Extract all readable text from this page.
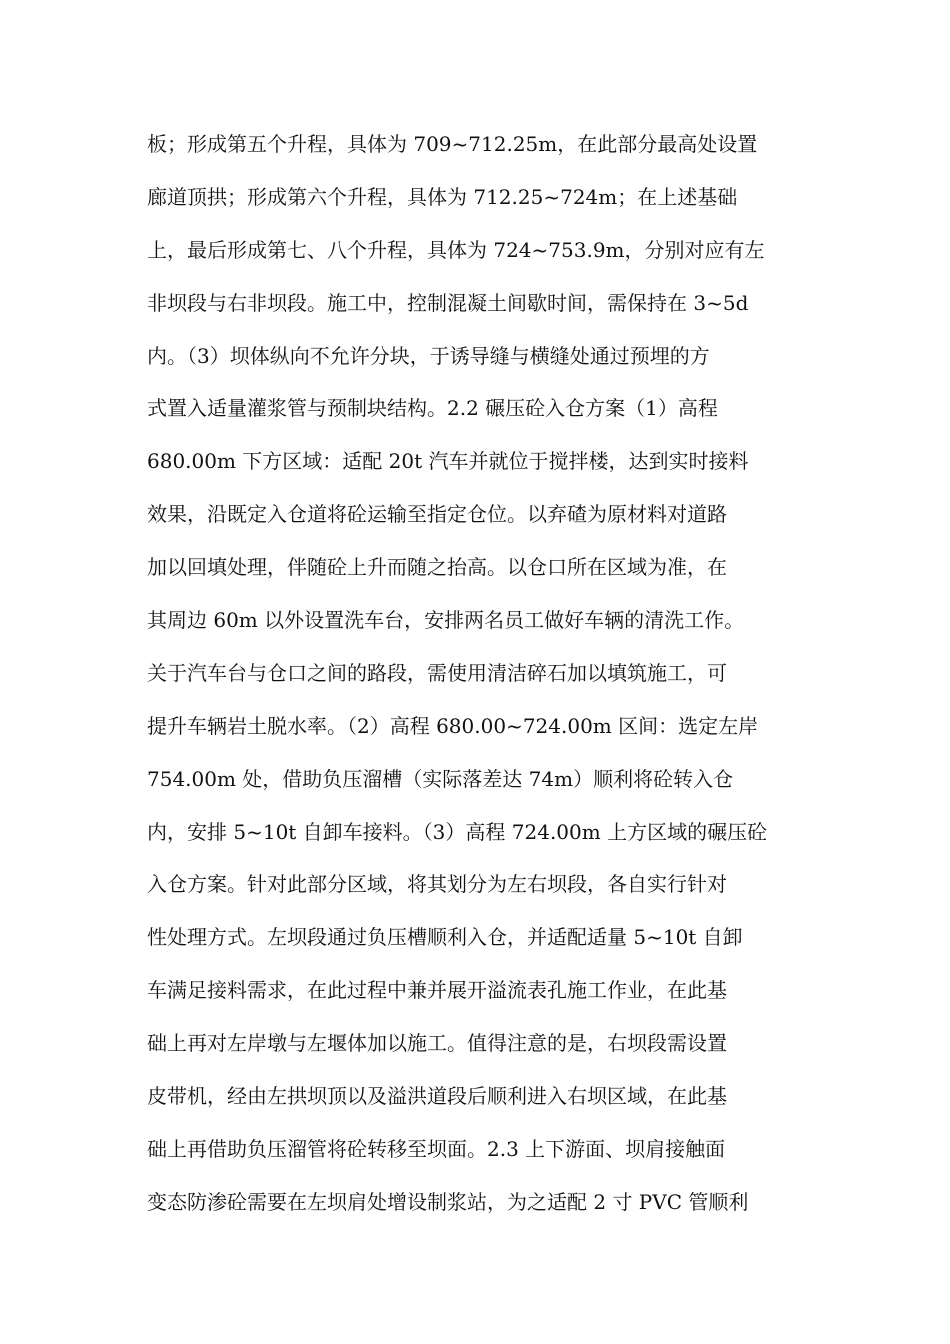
板；形成第五个升程，具体为 709~712.25m，在此部分最高处设置
廊道顶拱；形成第六个升程，具体为 712.25~724m；在上述基础
上，最后形成第七、八个升程，具体为 724~753.9m，分别对应有左
非坝段与右非坝段。施工中，控制混凝土间歇时间，需保持在 3~5d
内。（3）坝体纵向不允许分块，于诱导缝与横缝处通过预埋的方
式置入适量灌浆管与预制块结构。2.2 碾压砼入仓方案（1）高程
680.00m 下方区域：适配 20t 汽车并就位于搅拌楼，达到实时接料
效果，沿既定入仓道将砼运输至指定仓位。以弃碴为原材料对道路
加以回填处理，伴随砼上升而随之抬高。以仓口所在区域为准，在
其周边 60m 以外设置洗车台，安排两名员工做好车辆的清洗工作。
关于汽车台与仓口之间的路段，需使用清洁碎石加以填筑施工，可
提升车辆岩土脱水率。（2）高程 680.00~724.00m 区间：选定左岸
754.00m 处，借助负压溜槽（实际落差达 74m）顺利将砼转入仓
内，安排 5~10t 自卸车接料。（3）高程 724.00m 上方区域的碾压砼
入仓方案。针对此部分区域，将其划分为左右坝段，各自实行针对
性处理方式。左坝段通过负压槽顺利入仓，并适配适量 5~10t 自卸
车满足接料需求，在此过程中兼并展开溢流表孔施工作业，在此基
础上再对左岸墩与左堰体加以施工。值得注意的是，右坝段需设置
皮带机，经由左拱坝顶以及溢洪道段后顺利进入右坝区域，在此基
础上再借助负压溜管将砼转移至坝面。2.3 上下游面、坝肩接触面
变态防渗砼需要在左坝肩处增设制浆站，为之适配 2 寸 PVC 管顺利
